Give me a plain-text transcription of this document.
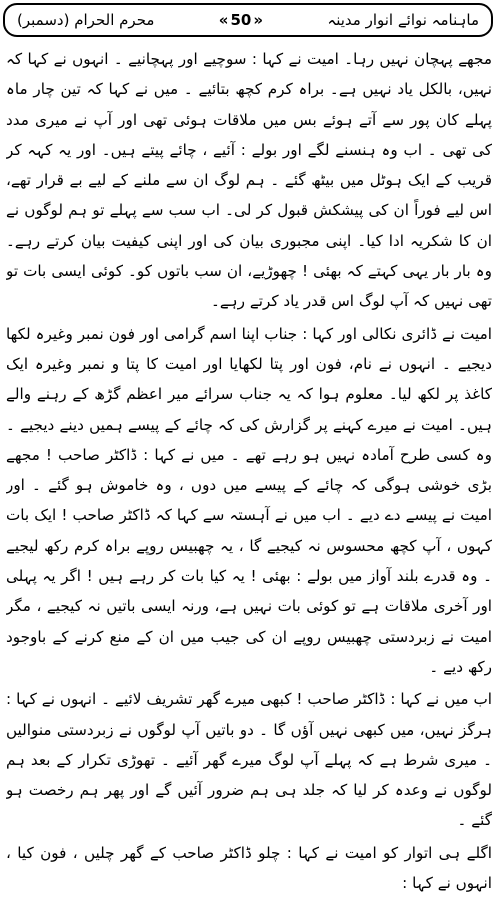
ماہنامہ نوائے انوار مدینہ
« 50 »
محرم الحرام (دسمبر)

مجھے پہچان نہیں رہا۔ امیت نے کہا : سوچیے اور پہچانیے ۔ انہوں نے کہا کہ نہیں، بالکل یاد نہیں ہے۔ براہ کرم کچھ بتائیے ۔ میں نے کہا کہ تین چار ماہ پہلے کان پور سے آتے ہوئے بس میں ملاقات ہوئی تھی اور آپ نے میری مدد کی تھی ۔ اب وہ ہنسنے لگے اور بولے : آئیے ، چائے پیتے ہیں۔ اور یہ کہہ کر قریب کے ایک ہوٹل میں بیٹھ گئے ۔ ہم لوگ ان سے ملنے کے لیے بے قرار تھے، اس لیے فوراً ان کی پیشکش قبول کر لی۔ اب سب سے پہلے تو ہم لوگوں نے ان کا شکریہ ادا کیا۔ اپنی مجبوری بیان کی اور اپنی کیفیت بیان کرتے رہے۔ وہ بار بار یہی کہتے کہ بھئی ! چھوڑیے، ان سب باتوں کو۔ کوئی ایسی بات تو تھی نہیں کہ آپ لوگ اس قدر یاد کرتے رہے۔

امیت نے ڈائری نکالی اور کہا : جناب اپنا اسم گرامی اور فون نمبر وغیرہ لکھا دیجیے ۔ انہوں نے نام، فون اور پتا لکھایا اور امیت کا پتا و نمبر وغیرہ ایک کاغذ پر لکھ لیا۔ معلوم ہوا کہ یہ جناب سرائے میر اعظم گڑھ کے رہنے والے ہیں۔ امیت نے میرے کہنے پر گزارش کی کہ چائے کے پیسے ہمیں دینے دیجیے ۔ وہ کسی طرح آمادہ نہیں ہو رہے تھے ۔ میں نے کہا : ڈاکٹر صاحب ! مجھے بڑی خوشی ہوگی کہ چائے کے پیسے میں دوں ، وہ خاموش ہو گئے ۔ اور امیت نے پیسے دے دیے ۔ اب میں نے آہستہ سے کہا کہ ڈاکٹر صاحب ! ایک بات کہوں ، آپ کچھ محسوس نہ کیجیے گا ، یہ چھبیس روپے براہ کرم رکھ لیجیے ۔ وہ قدرے بلند آواز میں بولے : بھئی ! یہ کیا بات کر رہے ہیں ! اگر یہ پہلی اور آخری ملاقات ہے تو کوئی بات نہیں ہے، ورنہ ایسی باتیں نہ کیجیے ، مگر امیت نے زبردستی چھبیس روپے ان کی جیب میں ان کے منع کرنے کے باوجود رکھ دیے ۔

اب میں نے کہا : ڈاکٹر صاحب ! کبھی میرے گھر تشریف لائیے ۔ انہوں نے کہا : ہرگز نہیں، میں کبھی نہیں آؤں گا ۔ دو باتیں آپ لوگوں نے زبردستی منوالیں ۔ میری شرط ہے کہ پہلے آپ لوگ میرے گھر آئیے ۔ تھوڑی تکرار کے بعد ہم لوگوں نے وعدہ کر لیا کہ جلد ہی ہم ضرور آئیں گے اور پھر ہم رخصت ہو گئے ۔

اگلے ہی اتوار کو امیت نے کہا : چلو ڈاکٹر صاحب کے گھر چلیں ، فون کیا ، انہوں نے کہا :
